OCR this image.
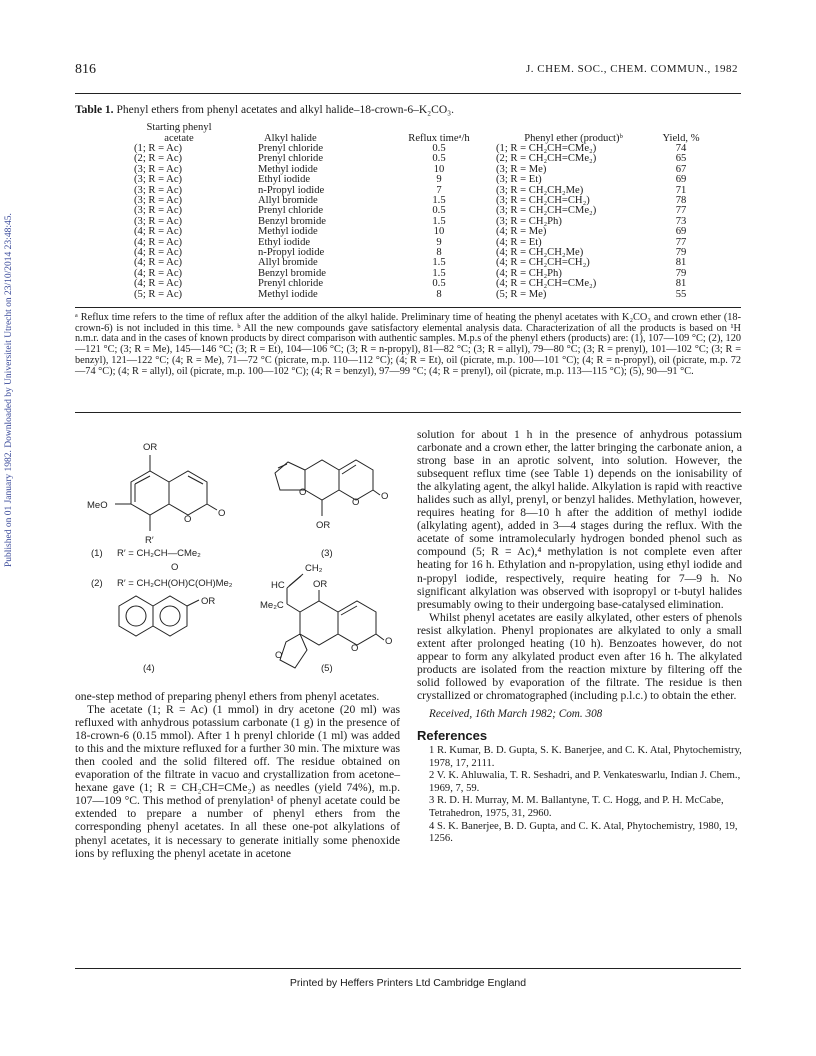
816	J. CHEM. SOC., CHEM. COMMUN., 1982
Published on 01 January 1982. Downloaded by Universiteit Utrecht on 23/10/2014 23:48:45.
Table 1. Phenyl ethers from phenyl acetates and alkyl halide–18-crown-6–K₂CO₃.
Starting phenyl acetate	Alkyl halide	Reflux timeᵃ/h	Phenyl ether (product)ᵇ	Yield, %
(1; R = Ac)	Prenyl chloride	0.5	(1; R = CH₂CH=CMe₂)	74
(2; R = Ac)	Prenyl chloride	0.5	(2; R = CH₂CH=CMe₂)	65
(3; R = Ac)	Methyl iodide	10	(3; R = Me)	67
(3; R = Ac)	Ethyl iodide	9	(3; R = Et)	69
(3; R = Ac)	n-Propyl iodide	7	(3; R = CH₂CH₂Me)	71
(3; R = Ac)	Allyl bromide	1.5	(3; R = CH₂CH=CH₂)	78
(3; R = Ac)	Prenyl chloride	0.5	(3; R = CH₂CH=CMe₂)	77
(3; R = Ac)	Benzyl bromide	1.5	(3; R = CH₂Ph)	73
(4; R = Ac)	Methyl iodide	10	(4; R = Me)	69
(4; R = Ac)	Ethyl iodide	9	(4; R = Et)	77
(4; R = Ac)	n-Propyl iodide	8	(4; R = CH₂CH₂Me)	79
(4; R = Ac)	Allyl bromide	1.5	(4; R = CH₂CH=CH₂)	81
(4; R = Ac)	Benzyl bromide	1.5	(4; R = CH₂Ph)	79
(4; R = Ac)	Prenyl chloride	0.5	(4; R = CH₂CH=CMe₂)	81
(5; R = Ac)	Methyl iodide	8	(5; R = Me)	55
ᵃ Reflux time refers to the time of reflux after the addition of the alkyl halide. Preliminary time of heating the phenyl acetates with K₂CO₃ and crown ether (18-crown-6) is not included in this time. ᵇ All the new compounds gave satisfactory elemental analysis data. Characterization of all the products is based on ¹H n.m.r. data and in the cases of known products by direct comparison with authentic samples. M.p.s of the phenyl ethers (products) are: (1), 107—109 °C; (2), 120—121 °C; (3; R = Me), 145—146 °C; (3; R = Et), 104—106 °C; (3; R = n-propyl), 81—82 °C; (3; R = allyl), 79—80 °C; (3; R = prenyl), 101—102 °C; (3; R = benzyl), 121—122 °C; (4; R = Me), 71—72 °C (picrate, m.p. 110—112 °C); (4; R = Et), oil (picrate, m.p. 100—101 °C); (4; R = n-propyl), oil (picrate, m.p. 72—74 °C); (4; R = allyl), oil (picrate, m.p. 100—102 °C); (4; R = benzyl), 97—99 °C; (4; R = prenyl), oil (picrate, m.p. 113—115 °C); (5), 90—91 °C.
OR
MeO
R′
O
O
(1) R′ = CH₂CH—CMe₂
O
(2) R′ = CH₂CH(OH)C(OH)Me₂
OR
(3)
O
O
O
OR
(4)
CH₂
HC	OR
Me₂C
O
O
O
(5)

one-step method of preparing phenyl ethers from phenyl acetates.

The acetate (1; R = Ac) (1 mmol) in dry acetone (20 ml) was refluxed with anhydrous potassium carbonate (1 g) in the presence of 18-crown-6 (0.15 mmol). After 1 h prenyl chloride (1 ml) was added to this and the mixture refluxed for a further 30 min. The mixture was then cooled and the solid filtered off. The residue obtained on evaporation of the filtrate in vacuo and crystallization from acetone–hexane gave (1; R = CH₂CH=CMe₂) as needles (yield 74%), m.p. 107—109 °C. This method of prenylation¹ of phenyl acetate could be extended to prepare a number of phenyl ethers from the corresponding phenyl acetates. In all these one-pot alkylations of phenyl acetates, it is necessary to generate initially some phenoxide ions by refluxing the phenyl acetate in acetone

solution for about 1 h in the presence of anhydrous potassium carbonate and a crown ether, the latter bringing the carbonate anion, a strong base in an aprotic solvent, into solution. However, the subsequent reflux time (see Table 1) depends on the ionisability of the alkylating agent, the alkyl halide. Alkylation is rapid with reactive halides such as allyl, prenyl, or benzyl halides. Methylation, however, requires heating for 8—10 h after the addition of methyl iodide (alkylating agent), added in 3—4 stages during the reflux. With the acetate of some intramolecularly hydrogen bonded phenol such as compound (5; R = Ac),⁴ methylation is not complete even after heating for 16 h. Ethylation and n-propylation, using ethyl iodide and n-propyl iodide, respectively, require heating for 7—9 h. No significant alkylation was observed with isopropyl or t-butyl halides presumably owing to their undergoing base-catalysed elimination.

Whilst phenyl acetates are easily alkylated, other esters of phenols resist alkylation. Phenyl propionates are alkylated to only a small extent after prolonged heating (10 h). Benzoates however, do not appear to form any alkylated product even after 16 h. The alkylated products are isolated from the reaction mixture by filtering off the solid followed by evaporation of the filtrate. The residue is then crystallized or chromatographed (including p.l.c.) to obtain the ether.

Received, 16th March 1982; Com. 308

References

1 R. Kumar, B. D. Gupta, S. K. Banerjee, and C. K. Atal, Phytochemistry, 1978, 17, 2111.

2 V. K. Ahluwalia, T. R. Seshadri, and P. Venkateswarlu, Indian J. Chem., 1969, 7, 59.

3 R. D. H. Murray, M. M. Ballantyne, T. C. Hogg, and P. H. McCabe, Tetrahedron, 1975, 31, 2960.

4 S. K. Banerjee, B. D. Gupta, and C. K. Atal, Phytochemistry, 1980, 19, 1256.

Printed by Heffers Printers Ltd Cambridge England
